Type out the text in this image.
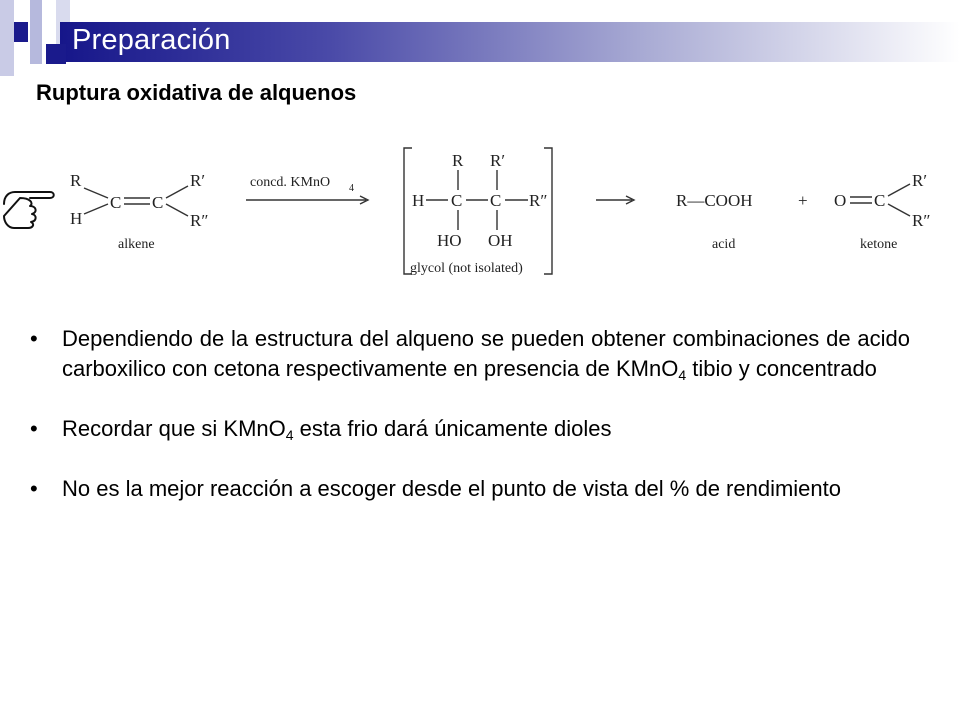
Preparación
Ruptura oxidativa de alquenos
R
H
C C
R′
R″
alkene
concd. KMnO 4
R R′
H C C R″
HO OH
glycol (not isolated)
R—COOH
acid
+ O C
R′
R″
ketone
• Dependiendo de la estructura del alqueno se pueden obtener combinaciones de acido carboxilico con cetona respectivamente en presencia de KMnO$_4$ tibio y concentrado
• Recordar que si KMnO$_4$ esta frio dará únicamente dioles
• No es la mejor reacción a escoger desde el punto de vista del % de rendimiento
